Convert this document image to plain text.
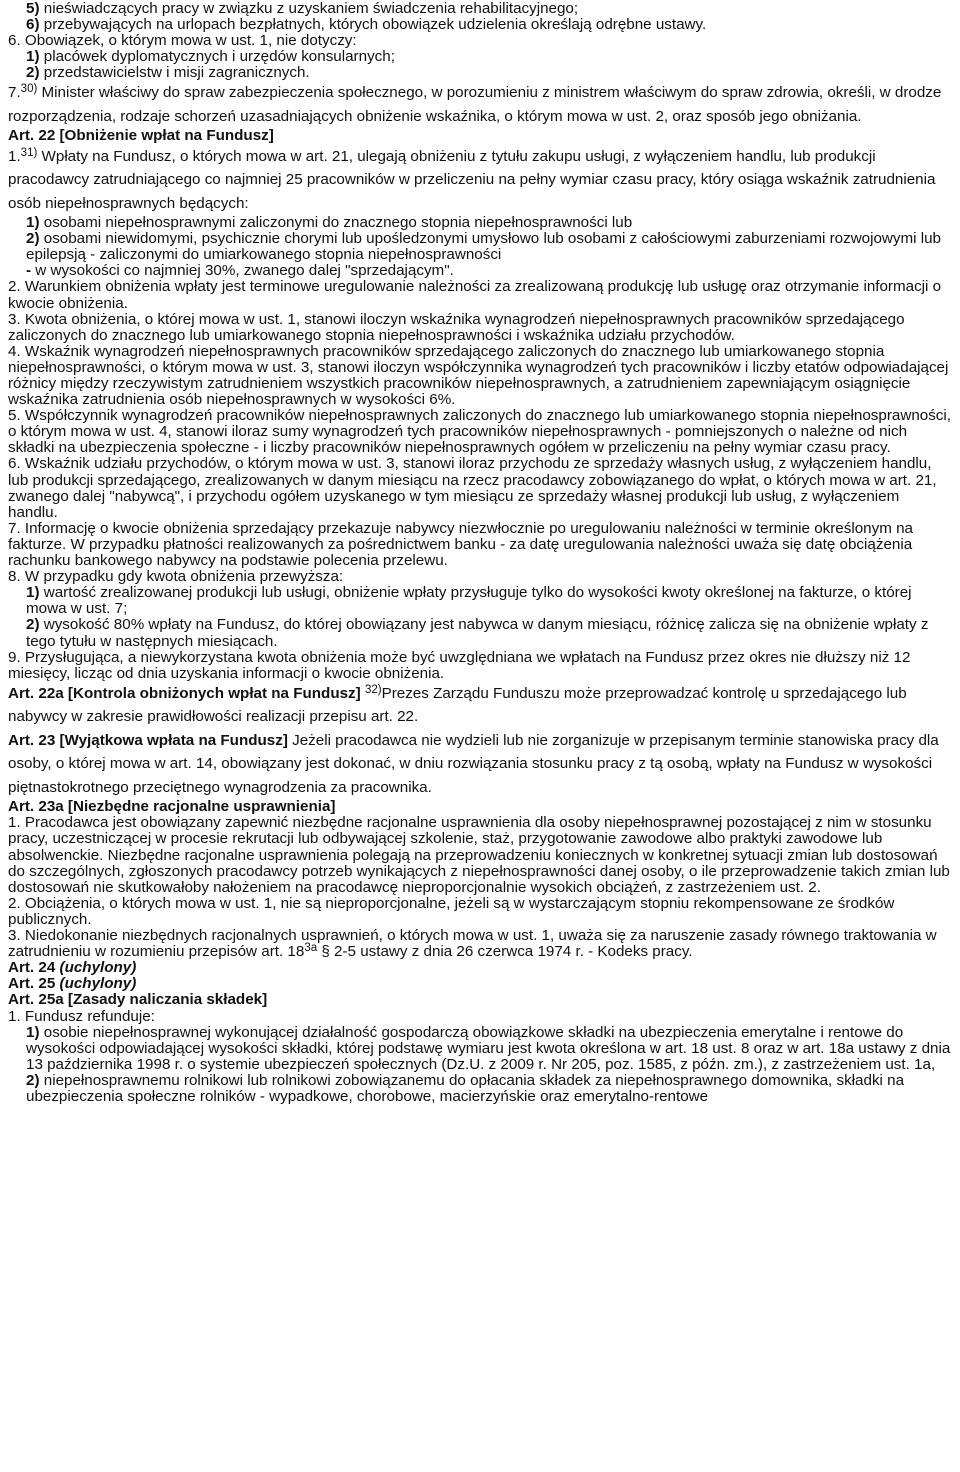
5) nieświadczących pracy w związku z uzyskaniem świadczenia rehabilitacyjnego;

6) przebywających na urlopach bezpłatnych, których obowiązek udzielenia określają odrębne ustawy.

6. Obowiązek, o którym mowa w ust. 1, nie dotyczy:

1) placówek dyplomatycznych i urzędów konsularnych;

2) przedstawicielstw i misji zagranicznych.

7.$^{30)}$ Minister właściwy do spraw zabezpieczenia społecznego, w porozumieniu z ministrem właściwym do spraw zdrowia, określi, w drodze rozporządzenia, rodzaje schorzeń uzasadniających obniżenie wskaźnika, o którym mowa w ust. 2, oraz sposób jego obniżania.

Art. 22 [Obniżenie wpłat na Fundusz]

1.$^{31)}$ Wpłaty na Fundusz, o których mowa w art. 21, ulegają obniżeniu z tytułu zakupu usługi, z wyłączeniem handlu, lub produkcji pracodawcy zatrudniającego co najmniej 25 pracowników w przeliczeniu na pełny wymiar czasu pracy, który osiąga wskaźnik zatrudnienia osób niepełnosprawnych będących:

1) osobami niepełnosprawnymi zaliczonymi do znacznego stopnia niepełnosprawności lub

2) osobami niewidomymi, psychicznie chorymi lub upośledzonymi umysłowo lub osobami z całościowymi zaburzeniami rozwojowymi lub epilepsją - zaliczonymi do umiarkowanego stopnia niepełnosprawności

- w wysokości co najmniej 30%, zwanego dalej "sprzedającym".

2. Warunkiem obniżenia wpłaty jest terminowe uregulowanie należności za zrealizowaną produkcję lub usługę oraz otrzymanie informacji o kwocie obniżenia.

3. Kwota obniżenia, o której mowa w ust. 1, stanowi iloczyn wskaźnika wynagrodzeń niepełnosprawnych pracowników sprzedającego zaliczonych do znacznego lub umiarkowanego stopnia niepełnosprawności i wskaźnika udziału przychodów.

4. Wskaźnik wynagrodzeń niepełnosprawnych pracowników sprzedającego zaliczonych do znacznego lub umiarkowanego stopnia niepełnosprawności, o którym mowa w ust. 3, stanowi iloczyn współczynnika wynagrodzeń tych pracowników i liczby etatów odpowiadającej różnicy między rzeczywistym zatrudnieniem wszystkich pracowników niepełnosprawnych, a zatrudnieniem zapewniającym osiągnięcie wskaźnika zatrudnienia osób niepełnosprawnych w wysokości 6%.

5. Współczynnik wynagrodzeń pracowników niepełnosprawnych zaliczonych do znacznego lub umiarkowanego stopnia niepełnosprawności, o którym mowa w ust. 4, stanowi iloraz sumy wynagrodzeń tych pracowników niepełnosprawnych - pomniejszonych o należne od nich składki na ubezpieczenia społeczne - i liczby pracowników niepełnosprawnych ogółem w przeliczeniu na pełny wymiar czasu pracy.

6. Wskaźnik udziału przychodów, o którym mowa w ust. 3, stanowi iloraz przychodu ze sprzedaży własnych usług, z wyłączeniem handlu, lub produkcji sprzedającego, zrealizowanych w danym miesiącu na rzecz pracodawcy zobowiązanego do wpłat, o których mowa w art. 21, zwanego dalej "nabywcą", i przychodu ogółem uzyskanego w tym miesiącu ze sprzedaży własnej produkcji lub usług, z wyłączeniem handlu.

7. Informację o kwocie obniżenia sprzedający przekazuje nabywcy niezwłocznie po uregulowaniu należności w terminie określonym na fakturze. W przypadku płatności realizowanych za pośrednictwem banku - za datę uregulowania należności uważa się datę obciążenia rachunku bankowego nabywcy na podstawie polecenia przelewu.

8. W przypadku gdy kwota obniżenia przewyższa:

1) wartość zrealizowanej produkcji lub usługi, obniżenie wpłaty przysługuje tylko do wysokości kwoty określonej na fakturze, o której mowa w ust. 7;

2) wysokość 80% wpłaty na Fundusz, do której obowiązany jest nabywca w danym miesiącu, różnicę zalicza się na obniżenie wpłaty z tego tytułu w następnych miesiącach.

9. Przysługująca, a niewykorzystana kwota obniżenia może być uwzględniana we wpłatach na Fundusz przez okres nie dłuższy niż 12 miesięcy, licząc od dnia uzyskania informacji o kwocie obniżenia.

Art. 22a [Kontrola obniżonych wpłat na Fundusz] $^{32)}$Prezes Zarządu Funduszu może przeprowadzać kontrolę u sprzedającego lub nabywcy w zakresie prawidłowości realizacji przepisu art. 22.

Art. 23 [Wyjątkowa wpłata na Fundusz] Jeżeli pracodawca nie wydzieli lub nie zorganizuje w przepisanym terminie stanowiska pracy dla osoby, o której mowa w art. 14, obowiązany jest dokonać, w dniu rozwiązania stosunku pracy z tą osobą, wpłaty na Fundusz w wysokości piętnastokrotnego przeciętnego wynagrodzenia za pracownika.

Art. 23a [Niezbędne racjonalne usprawnienia]

1. Pracodawca jest obowiązany zapewnić niezbędne racjonalne usprawnienia dla osoby niepełnosprawnej pozostającej z nim w stosunku pracy, uczestniczącej w procesie rekrutacji lub odbywającej szkolenie, staż, przygotowanie zawodowe albo praktyki zawodowe lub absolwenckie. Niezbędne racjonalne usprawnienia polegają na przeprowadzeniu koniecznych w konkretnej sytuacji zmian lub dostosowań do szczególnych, zgłoszonych pracodawcy potrzeb wynikających z niepełnosprawności danej osoby, o ile przeprowadzenie takich zmian lub dostosowań nie skutkowałoby nałożeniem na pracodawcę nieproporcjonalnie wysokich obciążeń, z zastrzeżeniem ust. 2.

2. Obciążenia, o których mowa w ust. 1, nie są nieproporcjonalne, jeżeli są w wystarczającym stopniu rekompensowane ze środków publicznych.

3. Niedokonanie niezbędnych racjonalnych usprawnień, o których mowa w ust. 1, uważa się za naruszenie zasady równego traktowania w zatrudnieniu w rozumieniu przepisów art. $18^{3a}$ § 2-5 ustawy z dnia 26 czerwca 1974 r. - Kodeks pracy.

Art. 24 (uchylony)

Art. 25 (uchylony)

Art. 25a [Zasady naliczania składek]

1. Fundusz refunduje:

1) osobie niepełnosprawnej wykonującej działalność gospodarczą obowiązkowe składki na ubezpieczenia emerytalne i rentowe do wysokości odpowiadającej wysokości składki, której podstawę wymiaru jest kwota określona w art. 18 ust. 8 oraz w art. 18a ustawy z dnia 13 października 1998 r. o systemie ubezpieczeń społecznych (Dz.U. z 2009 r. Nr 205, poz. 1585, z późn. zm.), z zastrzeżeniem ust. 1a,

2) niepełnosprawnemu rolnikowi lub rolnikowi zobowiązanemu do opłacania składek za niepełnosprawnego domownika, składki na ubezpieczenia społeczne rolników - wypadkowe, chorobowe, macierzyńskie oraz emerytalno-rentowe
